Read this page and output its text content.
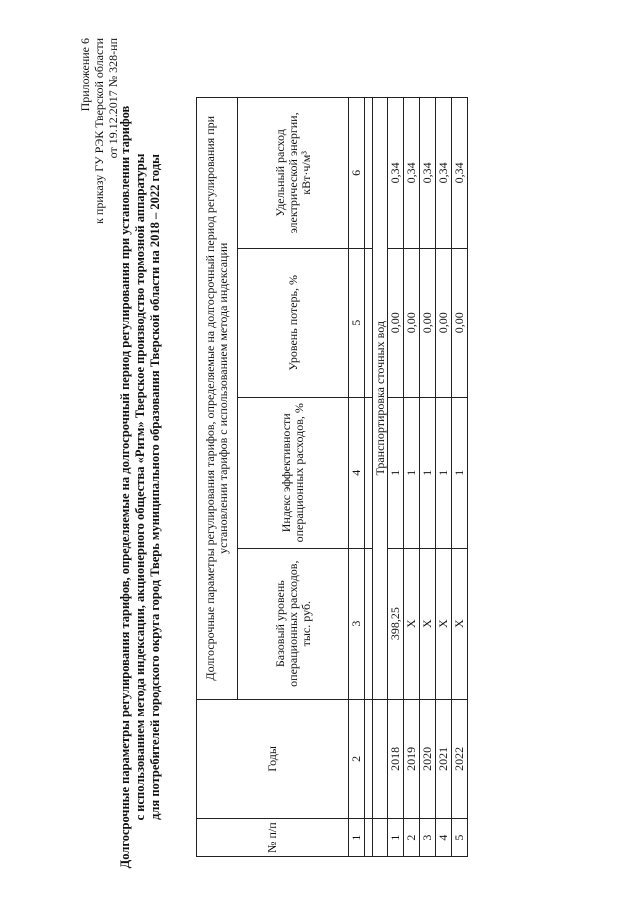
Приложение 6 к приказу ГУ РЭК Тверской области от 19.12.2017 № 328-нп
Долгосрочные параметры регулирования тарифов, определяемые на долгосрочный период регулирования при установлении тарифов с использованием метода индексации, акционерного общества «Ритм» Тверское производство тормозной аппаратуры для потребителей городского округа город Тверь муниципального образования Тверской области на 2018 – 2022 годы
№ п/п	Годы	Долгосрочные параметры регулирования тарифов, определяемые на долгосрочный период регулирования при установлении тарифов с использованием метода индексации			
		Базовый уровень операционных расходов, тыс. руб.	Индекс эффективности операционных расходов, %	Уровень потерь, %	Удельный расход электрической энергии, кВт·ч/м³
1	2	3	4	5	6

		Транспортировка сточных вод			
1	2018	398,25	1	0,00	0,34
2	2019	Х	1	0,00	0,34
3	2020	Х	1	0,00	0,34
4	2021	Х	1	0,00	0,34
5	2022	Х	1	0,00	0,34
